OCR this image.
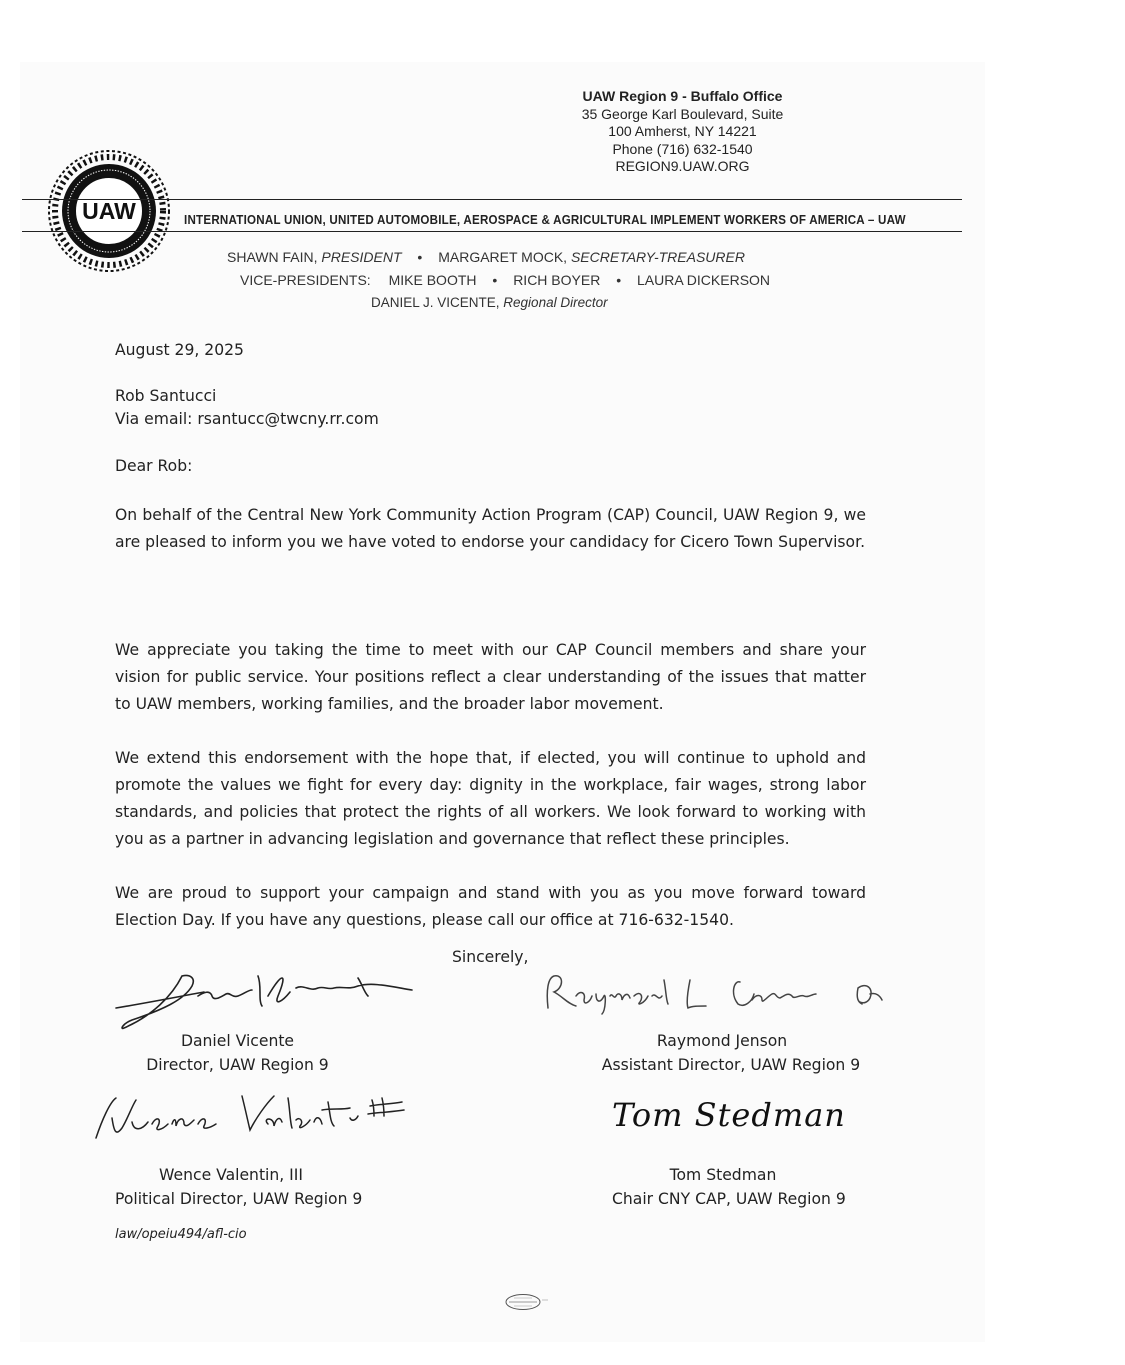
UAW Region 9 - Buffalo Office
35 George Karl Boulevard, Suite
100 Amherst, NY 14221
Phone (716) 632-1540
REGION9.UAW.ORG
UAW	INTERNATIONAL UNION, UNITED AUTOMOBILE, AEROSPACE & AGRICULTURAL IMPLEMENT WORKERS OF AMERICA – UAW
SHAWN FAIN, PRESIDENT • MARGARET MOCK, SECRETARY-TREASURER
VICE-PRESIDENTS: MIKE BOOTH • RICH BOYER • LAURA DICKERSON
DANIEL J. VICENTE, Regional Director
August 29, 2025
Rob Santucci
Via email: rsantucc@twcny.rr.com
Dear Rob:
On behalf of the Central New York Community Action Program (CAP) Council, UAW Region 9, we are pleased to inform you we have voted to endorse your candidacy for Cicero Town Supervisor.
We appreciate you taking the time to meet with our CAP Council members and share your vision for public service. Your positions reflect a clear understanding of the issues that matter to UAW members, working families, and the broader labor movement.
We extend this endorsement with the hope that, if elected, you will continue to uphold and promote the values we fight for every day: dignity in the workplace, fair wages, strong labor standards, and policies that protect the rights of all workers. We look forward to working with you as a partner in advancing legislation and governance that reflect these principles.
We are proud to support your campaign and stand with you as you move forward toward Election Day. If you have any questions, please call our office at 716-632-1540.
Sincerely,
Daniel Vicente
Director, UAW Region 9
Raymond Jenson
Assistant Director, UAW Region 9
Wence Valentin, III
Political Director, UAW Region 9
Tom Stedman
Tom Stedman
Chair CNY CAP, UAW Region 9
law/opeiu494/afl-cio
